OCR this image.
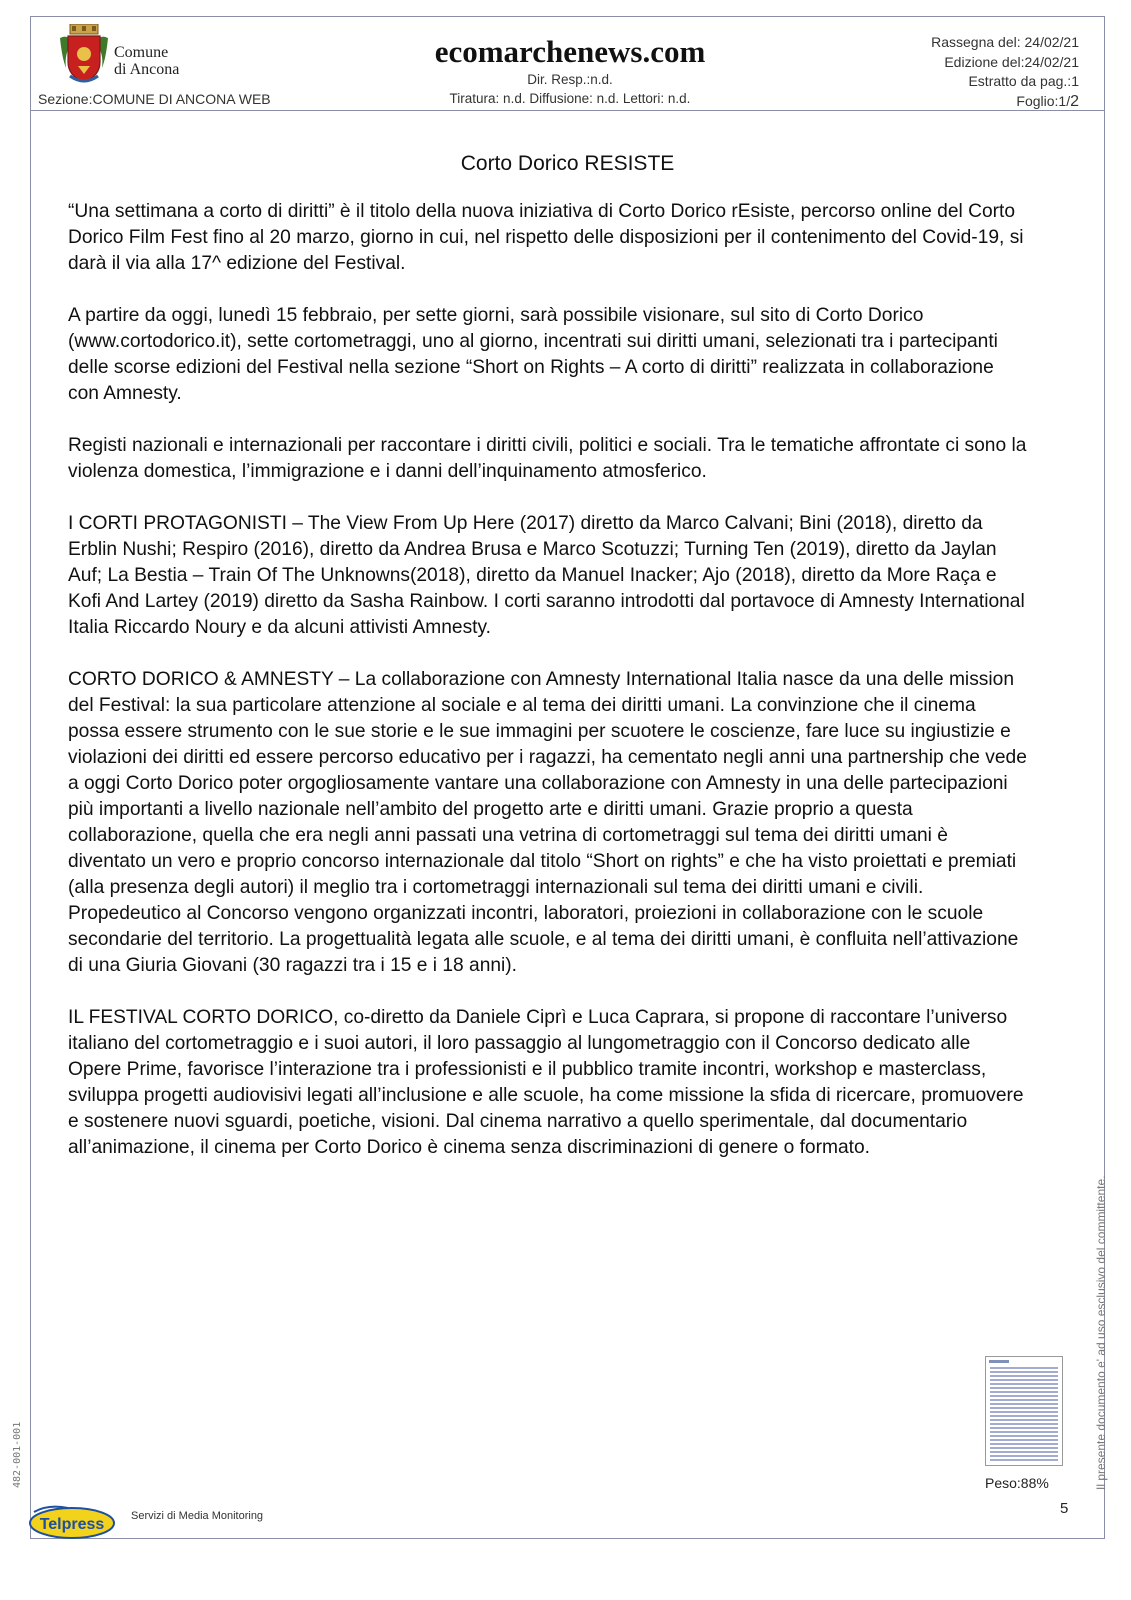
Comune
di Ancona
ecomarchenews.com
Dir. Resp.:n.d.
Tiratura: n.d. Diffusione: n.d. Lettori: n.d.
Sezione:COMUNE DI ANCONA WEB
Rassegna del: 24/02/21
Edizione del:24/02/21
Estratto da pag.:1
Foglio:1/2
Corto Dorico RESISTE

“Una settimana a corto di diritti” è il titolo della nuova iniziativa di Corto Dorico rEsiste, percorso online del Corto Dorico Film Fest fino al 20 marzo, giorno in cui, nel rispetto delle disposizioni per il contenimento del Covid-19, si darà il via alla 17^ edizione del Festival.

A partire da oggi, lunedì 15 febbraio, per sette giorni, sarà possibile visionare, sul sito di Corto Dorico (www.cortodorico.it), sette cortometraggi, uno al giorno, incentrati sui diritti umani, selezionati tra i partecipanti delle scorse edizioni del Festival nella sezione “Short on Rights – A corto di diritti” realizzata in collaborazione con Amnesty.

Registi nazionali e internazionali per raccontare i diritti civili, politici e sociali. Tra le tematiche affrontate ci sono la violenza domestica, l’immigrazione e i danni dell’inquinamento atmosferico.

I CORTI PROTAGONISTI – The View From Up Here (2017) diretto da Marco Calvani; Bini (2018), diretto da Erblin Nushi; Respiro (2016), diretto da Andrea Brusa e Marco Scotuzzi; Turning Ten (2019), diretto da Jaylan Auf; La Bestia – Train Of The Unknowns(2018), diretto da Manuel Inacker; Ajo (2018), diretto da More Raça e Kofi And Lartey (2019) diretto da Sasha Rainbow. I corti saranno introdotti dal portavoce di Amnesty International Italia Riccardo Noury e da alcuni attivisti Amnesty.

CORTO DORICO & AMNESTY – La collaborazione con Amnesty International Italia nasce da una delle mission del Festival: la sua particolare attenzione al sociale e al tema dei diritti umani. La convinzione che il cinema possa essere strumento con le sue storie e le sue immagini per scuotere le coscienze, fare luce su ingiustizie e violazioni dei diritti ed essere percorso educativo per i ragazzi, ha cementato negli anni una partnership che vede a oggi Corto Dorico poter orgogliosamente vantare una collaborazione con Amnesty in una delle partecipazioni più importanti a livello nazionale nell’ambito del progetto arte e diritti umani. Grazie proprio a questa collaborazione, quella che era negli anni passati una vetrina di cortometraggi sul tema dei diritti umani è diventato un vero e proprio concorso internazionale dal titolo “Short on rights” e che ha visto proiettati e premiati (alla presenza degli autori) il meglio tra i cortometraggi internazionali sul tema dei diritti umani e civili. Propedeutico al Concorso vengono organizzati incontri, laboratori, proiezioni in collaborazione con le scuole secondarie del territorio. La progettualità legata alle scuole, e al tema dei diritti umani, è confluita nell’attivazione di una Giuria Giovani (30 ragazzi tra i 15 e i 18 anni).

IL FESTIVAL CORTO DORICO, co-diretto da Daniele Ciprì e Luca Caprara, si propone di raccontare l’universo italiano del cortometraggio e i suoi autori, il loro passaggio al lungometraggio con il Concorso dedicato alle Opere Prime, favorisce l’interazione tra i professionisti e il pubblico tramite incontri, workshop e masterclass, sviluppa progetti audiovisivi legati all’inclusione e alle scuole, ha come missione la sfida di ricercare, promuovere e sostenere nuovi sguardi, poetiche, visioni. Dal cinema narrativo a quello sperimentale, dal documentario all’animazione, il cinema per Corto Dorico è cinema senza discriminazioni di genere o formato.

Peso:88%
5
Il presente documento e' ad uso esclusivo del committente.
482-001-001
Telpress Servizi di Media Monitoring
